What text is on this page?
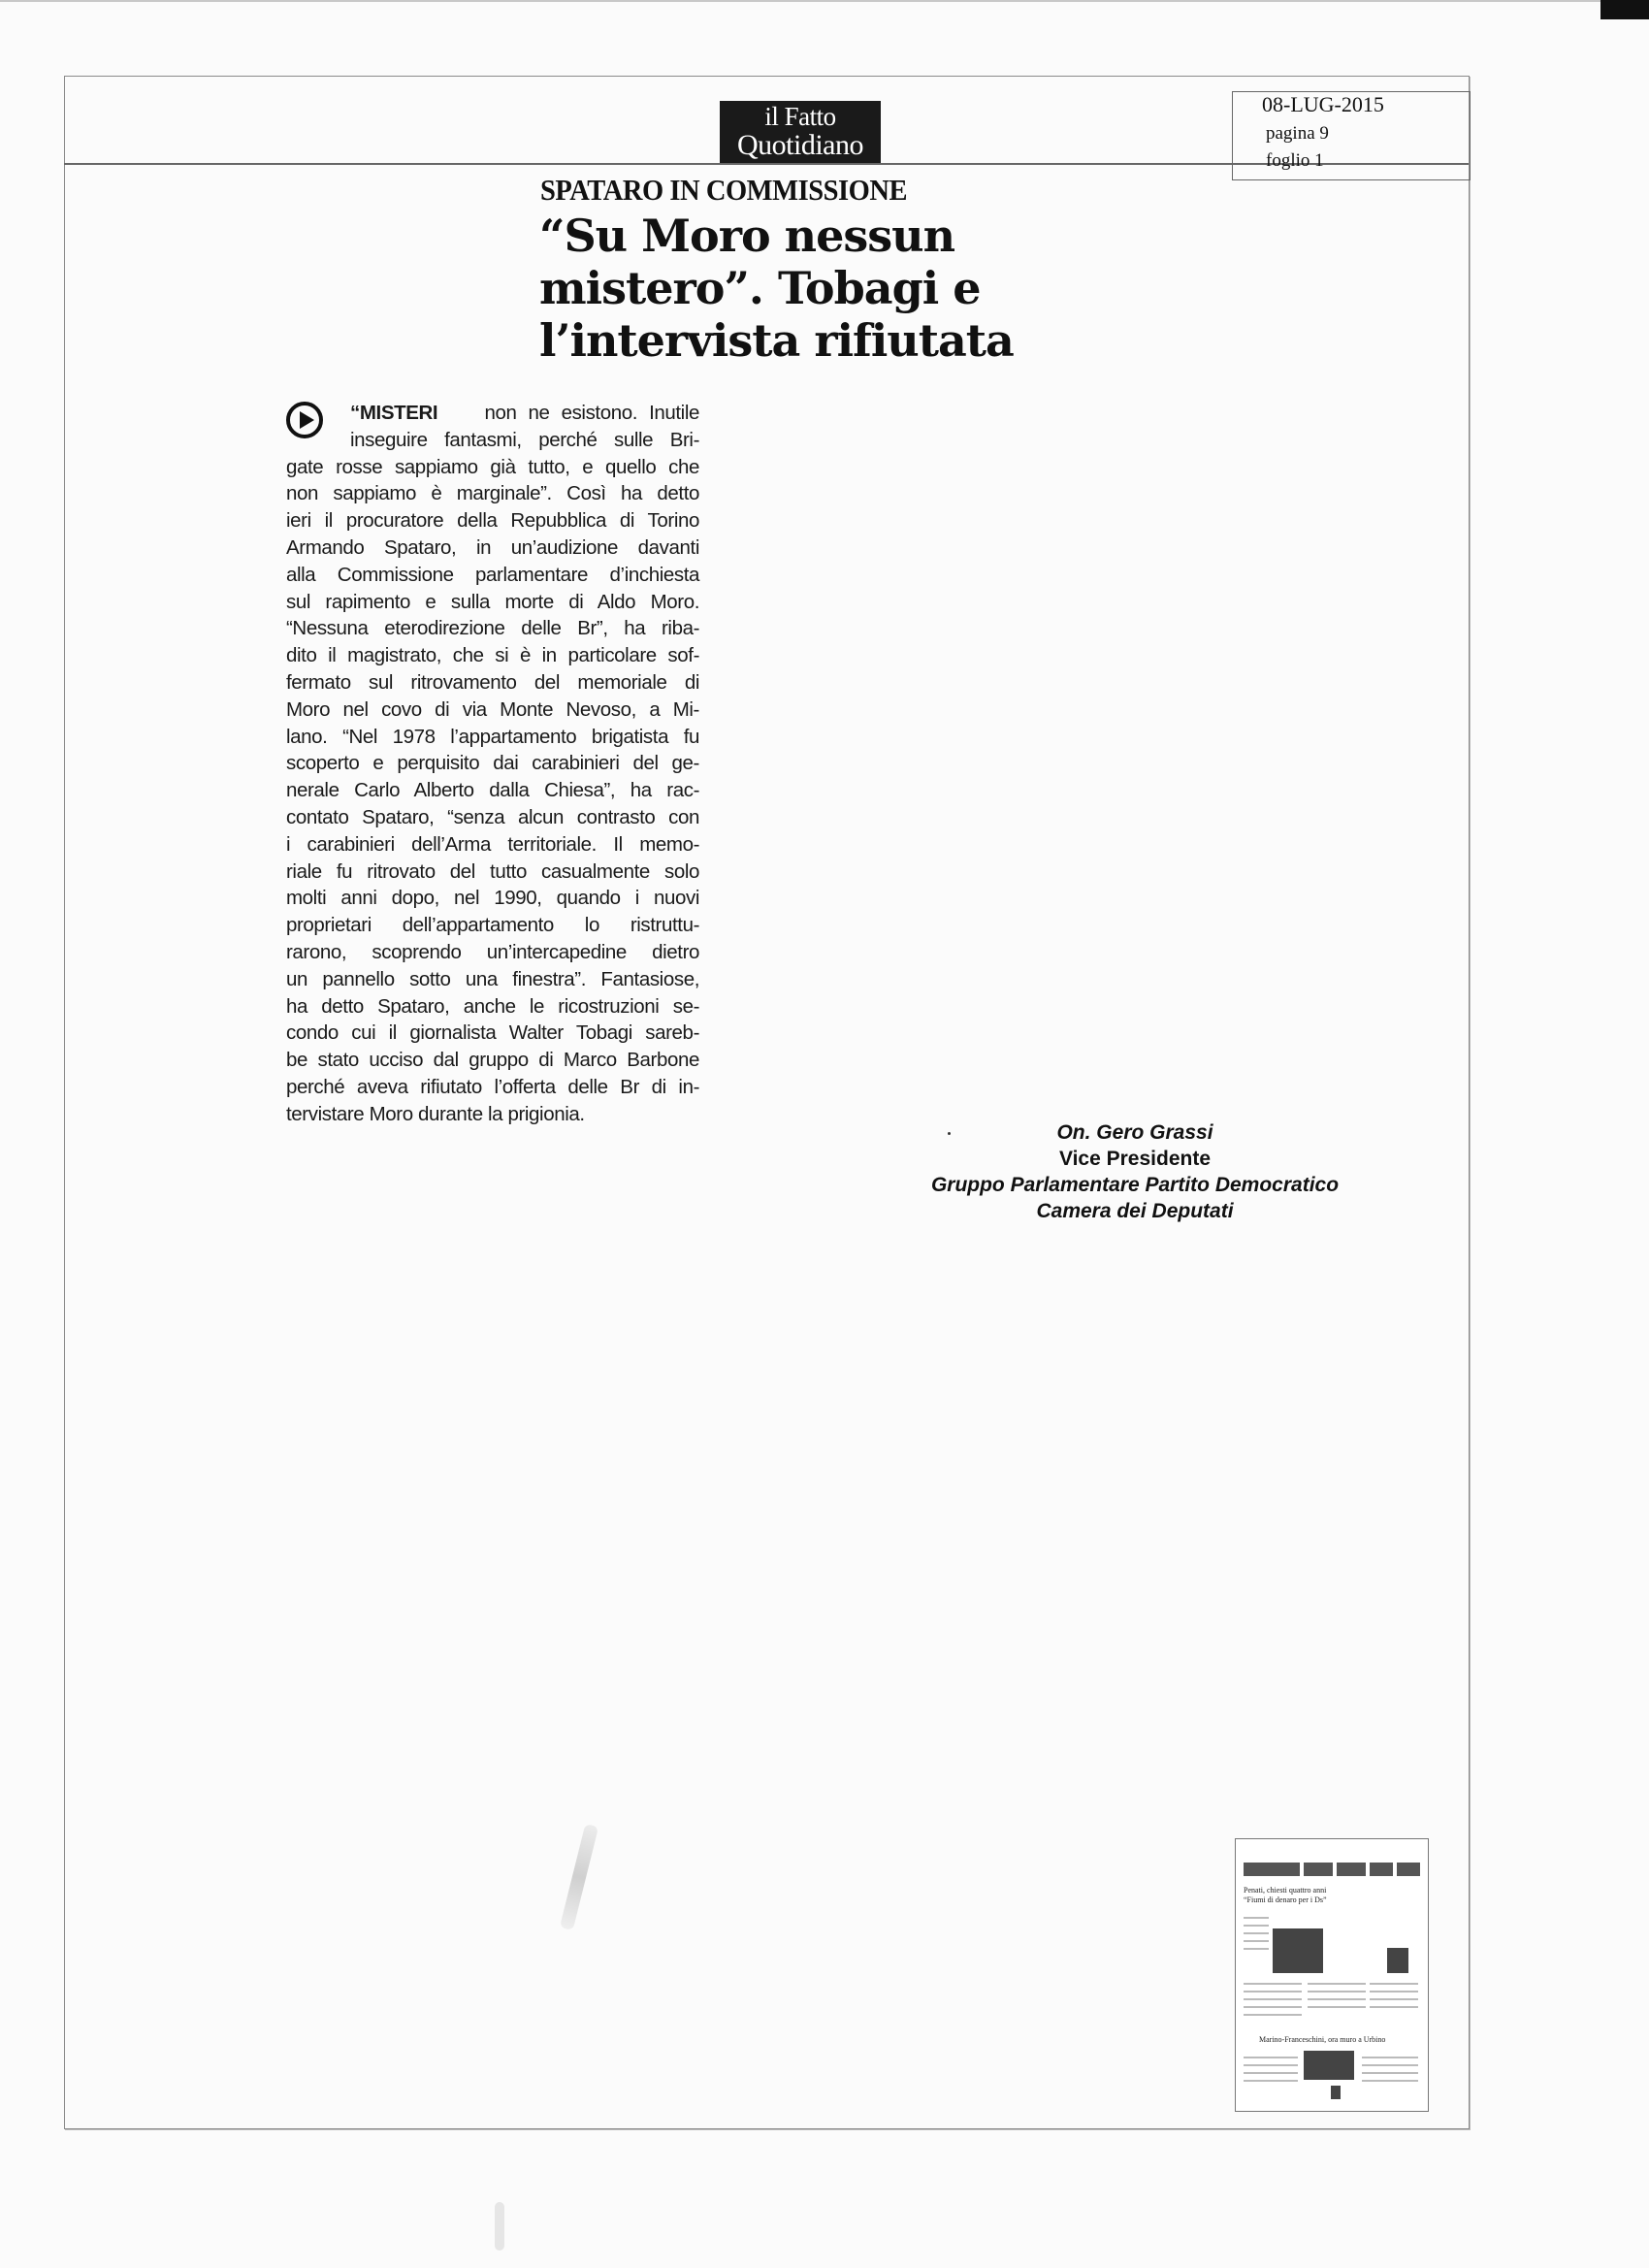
il Fatto
Quotidiano
08-LUG-2015
pagina 9
foglio 1
SPATARO IN COMMISSIONE
“Su Moro nessun
mistero”. Tobagi e
l’intervista rifiutata
“MISTERI non ne esistono. Inutile
inseguire fantasmi, perché sulle Bri-
gate rosse sappiamo già tutto, e quello che
non sappiamo è marginale”. Così ha detto
ieri il procuratore della Repubblica di Torino
Armando Spataro, in un’audizione davanti
alla Commissione parlamentare d’inchiesta
sul rapimento e sulla morte di Aldo Moro.
“Nessuna eterodirezione delle Br”, ha riba-
dito il magistrato, che si è in particolare sof-
fermato sul ritrovamento del memoriale di
Moro nel covo di via Monte Nevoso, a Mi-
lano. “Nel 1978 l’appartamento brigatista fu
scoperto e perquisito dai carabinieri del ge-
nerale Carlo Alberto dalla Chiesa”, ha rac-
contato Spataro, “senza alcun contrasto con
i carabinieri dell’Arma territoriale. Il memo-
riale fu ritrovato del tutto casualmente solo
molti anni dopo, nel 1990, quando i nuovi
proprietari dell’appartamento lo ristruttu-
rarono, scoprendo un’intercapedine dietro
un pannello sotto una finestra”. Fantasiose,
ha detto Spataro, anche le ricostruzioni se-
condo cui il giornalista Walter Tobagi sareb-
be stato ucciso dal gruppo di Marco Barbone
perché aveva rifiutato l’offerta delle Br di in-
tervistare Moro durante la prigionia.
On. Gero Grassi
Vice Presidente
Gruppo Parlamentare Partito Democratico
Camera dei Deputati
Penati, chiesti quattro anni
“Fiumi di denaro per i Ds”
Marino-Franceschini, ora muro a Urbino
